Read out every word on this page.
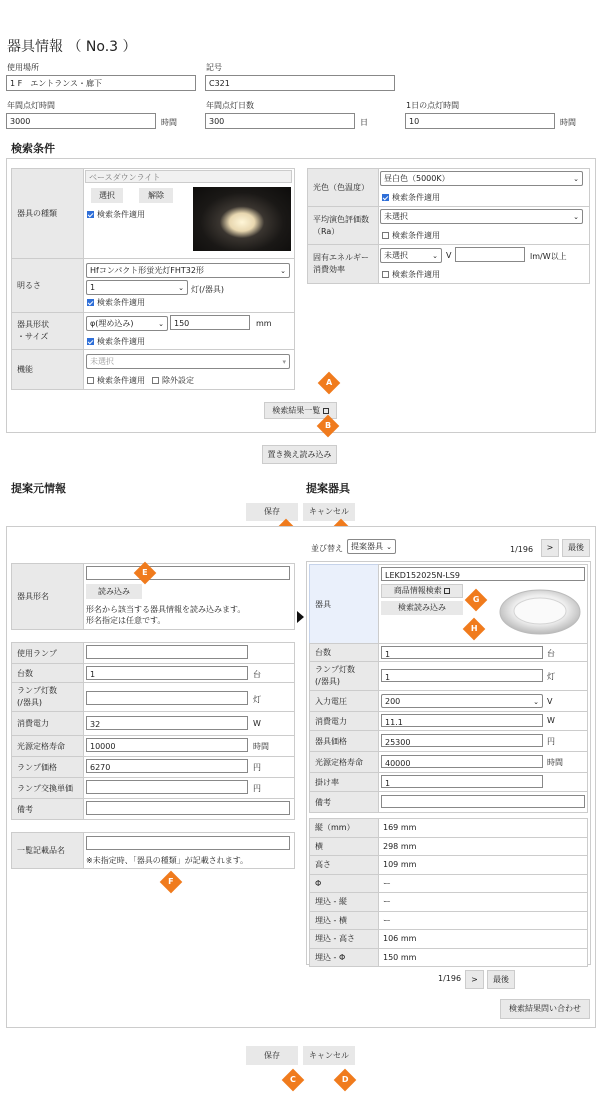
器具情報 （ No.3 ）
使用場所
1 F　エントランス・廊下
記号
C321
年間点灯時間
3000	時間
年間点灯日数
300	日
1日の点灯時間
10	時間
検索条件
器具の種類
ベースダウンライト
選択	解除
検索条件適用
明るさ
Hfコンパクト形蛍光灯FHT32形	⌄
1	⌄ 灯(/器具)
検索条件適用
器具形状
・サイズ
φ(埋め込み)	⌄	150	mm
検索条件適用
機能
未選択	▾
検索条件適用	除外設定
光色（色温度）
昼白色（5000K）	⌄
検索条件適用
平均演色評価数
（Ra）
未選択	⌄
検索条件適用
固有エネルギー
消費効率
未選択	⌄ V	lm/W以上
検索条件適用
検索結果一覧
A
B
置き換え読み込み
提案元情報	提案器具
保存	キャンセル
器具形名
読み込み
形名から該当する器具情報を読み込みます。
形名指定は任意です。
E
使用ランプ
台数	1	台
ランプ灯数
(/器具)	灯
消費電力	32	W
光源定格寿命	10000	時間
ランプ価格	6270	円
ランプ交換単価	円
備考
一覧記載品名
※未指定時、「器具の種類」が記載されます。
F
並び替え	提案器具 ⌄	1/196	>	最後
器具
LEKD152025N-LS9
商品情報検索
検索読み込み
G
H
台数	1	台
ランプ灯数
(/器具)	1	灯
入力電圧	200	⌄ V
消費電力	11.1	W
器具価格	25300	円
光源定格寿命	40000	時間
掛け率	1
備考
縦（mm）	169 mm
横	298 mm
高さ	109 mm
Φ	ー
埋込 - 縦	ー
埋込 - 横	ー
埋込 - 高さ	106 mm
埋込 - Φ	150 mm
1/196	>	最後
検索結果問い合わせ
保存	キャンセル
C	D
